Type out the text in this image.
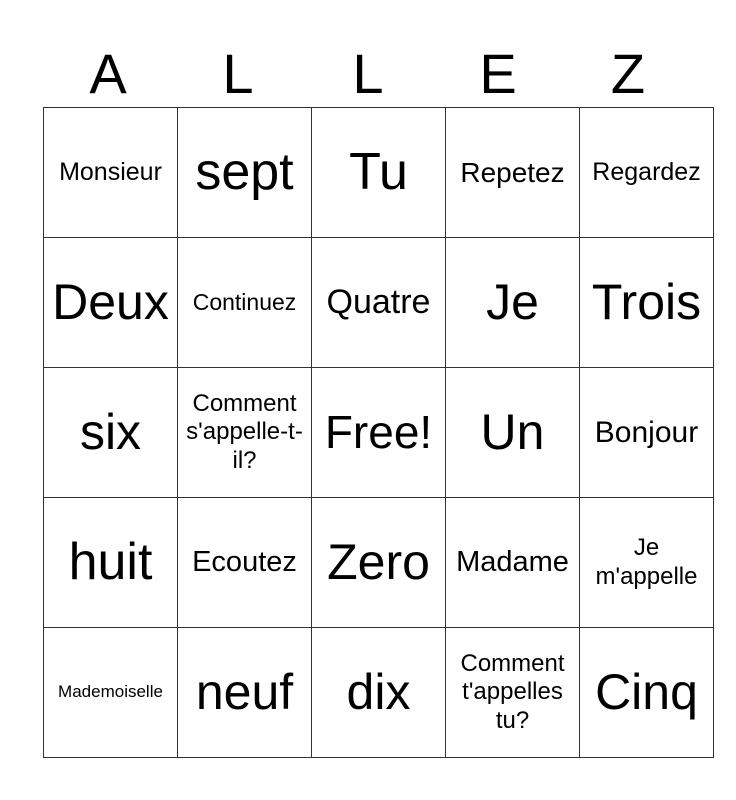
A	L	L	E	Z
Monsieur	sept	Tu	Repetez	Regardez
Deux	Continuez	Quatre	Je	Trois
six	Comment s'appelle-t-il?	Free!	Un	Bonjour
huit	Ecoutez	Zero	Madame	Je m'appelle
Mademoiselle	neuf	dix	Comment t'appelles tu?	Cinq
